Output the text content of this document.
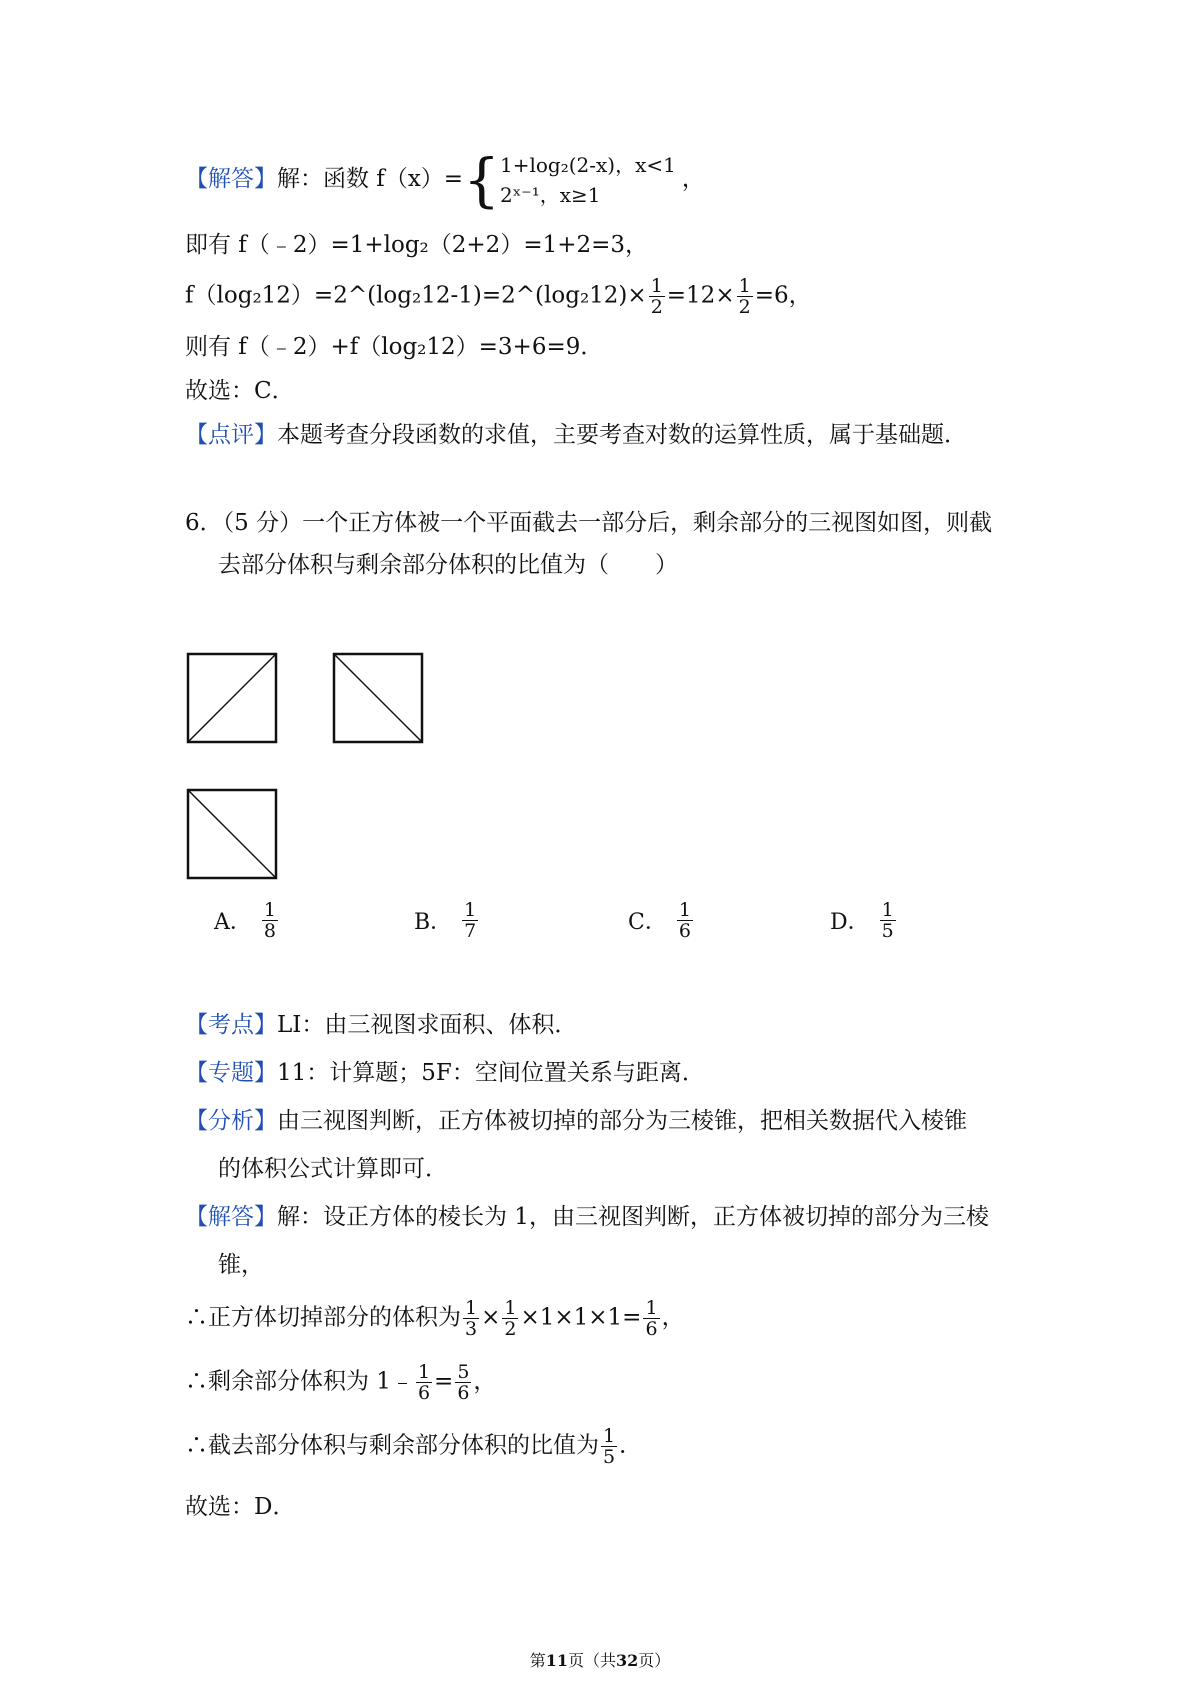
【解答】解：函数 f（x）={ 1+log₂(2-x)，x<1
2ˣ⁻¹，x≥1
，
即有 f（﹣2）=1+log₂（2+2）=1+2=3，
f（log₂12）=2^(log₂12-1)=2^(log₂12)× $\frac{1}{2} =12\times \frac{1}{2} =6$，
则有 f（﹣2）+f（log₂12）=3+6=9．
故选：C．
【点评】本题考查分段函数的求值，主要考查对数的运算性质，属于基础题．
6．（5 分）一个正方体被一个平面截去一部分后，剩余部分的三视图如图，则截
去部分体积与剩余部分体积的比值为（　　）
A． $\frac{1}{8}$	B． $\frac{1}{7}$	C． $\frac{1}{6}$	D． $\frac{1}{5}$
【考点】LI：由三视图求面积、体积．
【专题】11：计算题；5F：空间位置关系与距离．
【分析】由三视图判断，正方体被切掉的部分为三棱锥，把相关数据代入棱锥
的体积公式计算即可．
【解答】解：设正方体的棱长为 1，由三视图判断，正方体被切掉的部分为三棱
锥，
∴正方体切掉部分的体积为 $\frac{1}{3} \times \frac{1}{2} \times 1\times 1\times 1= \frac{1}{6}$ ，
∴剩余部分体积为 1﹣ $\frac{1}{6} = \frac{5}{6}$ ，
∴截去部分体积与剩余部分体积的比值为 $\frac{1}{5}$ ．
故选：D．
第11页（共32页）
